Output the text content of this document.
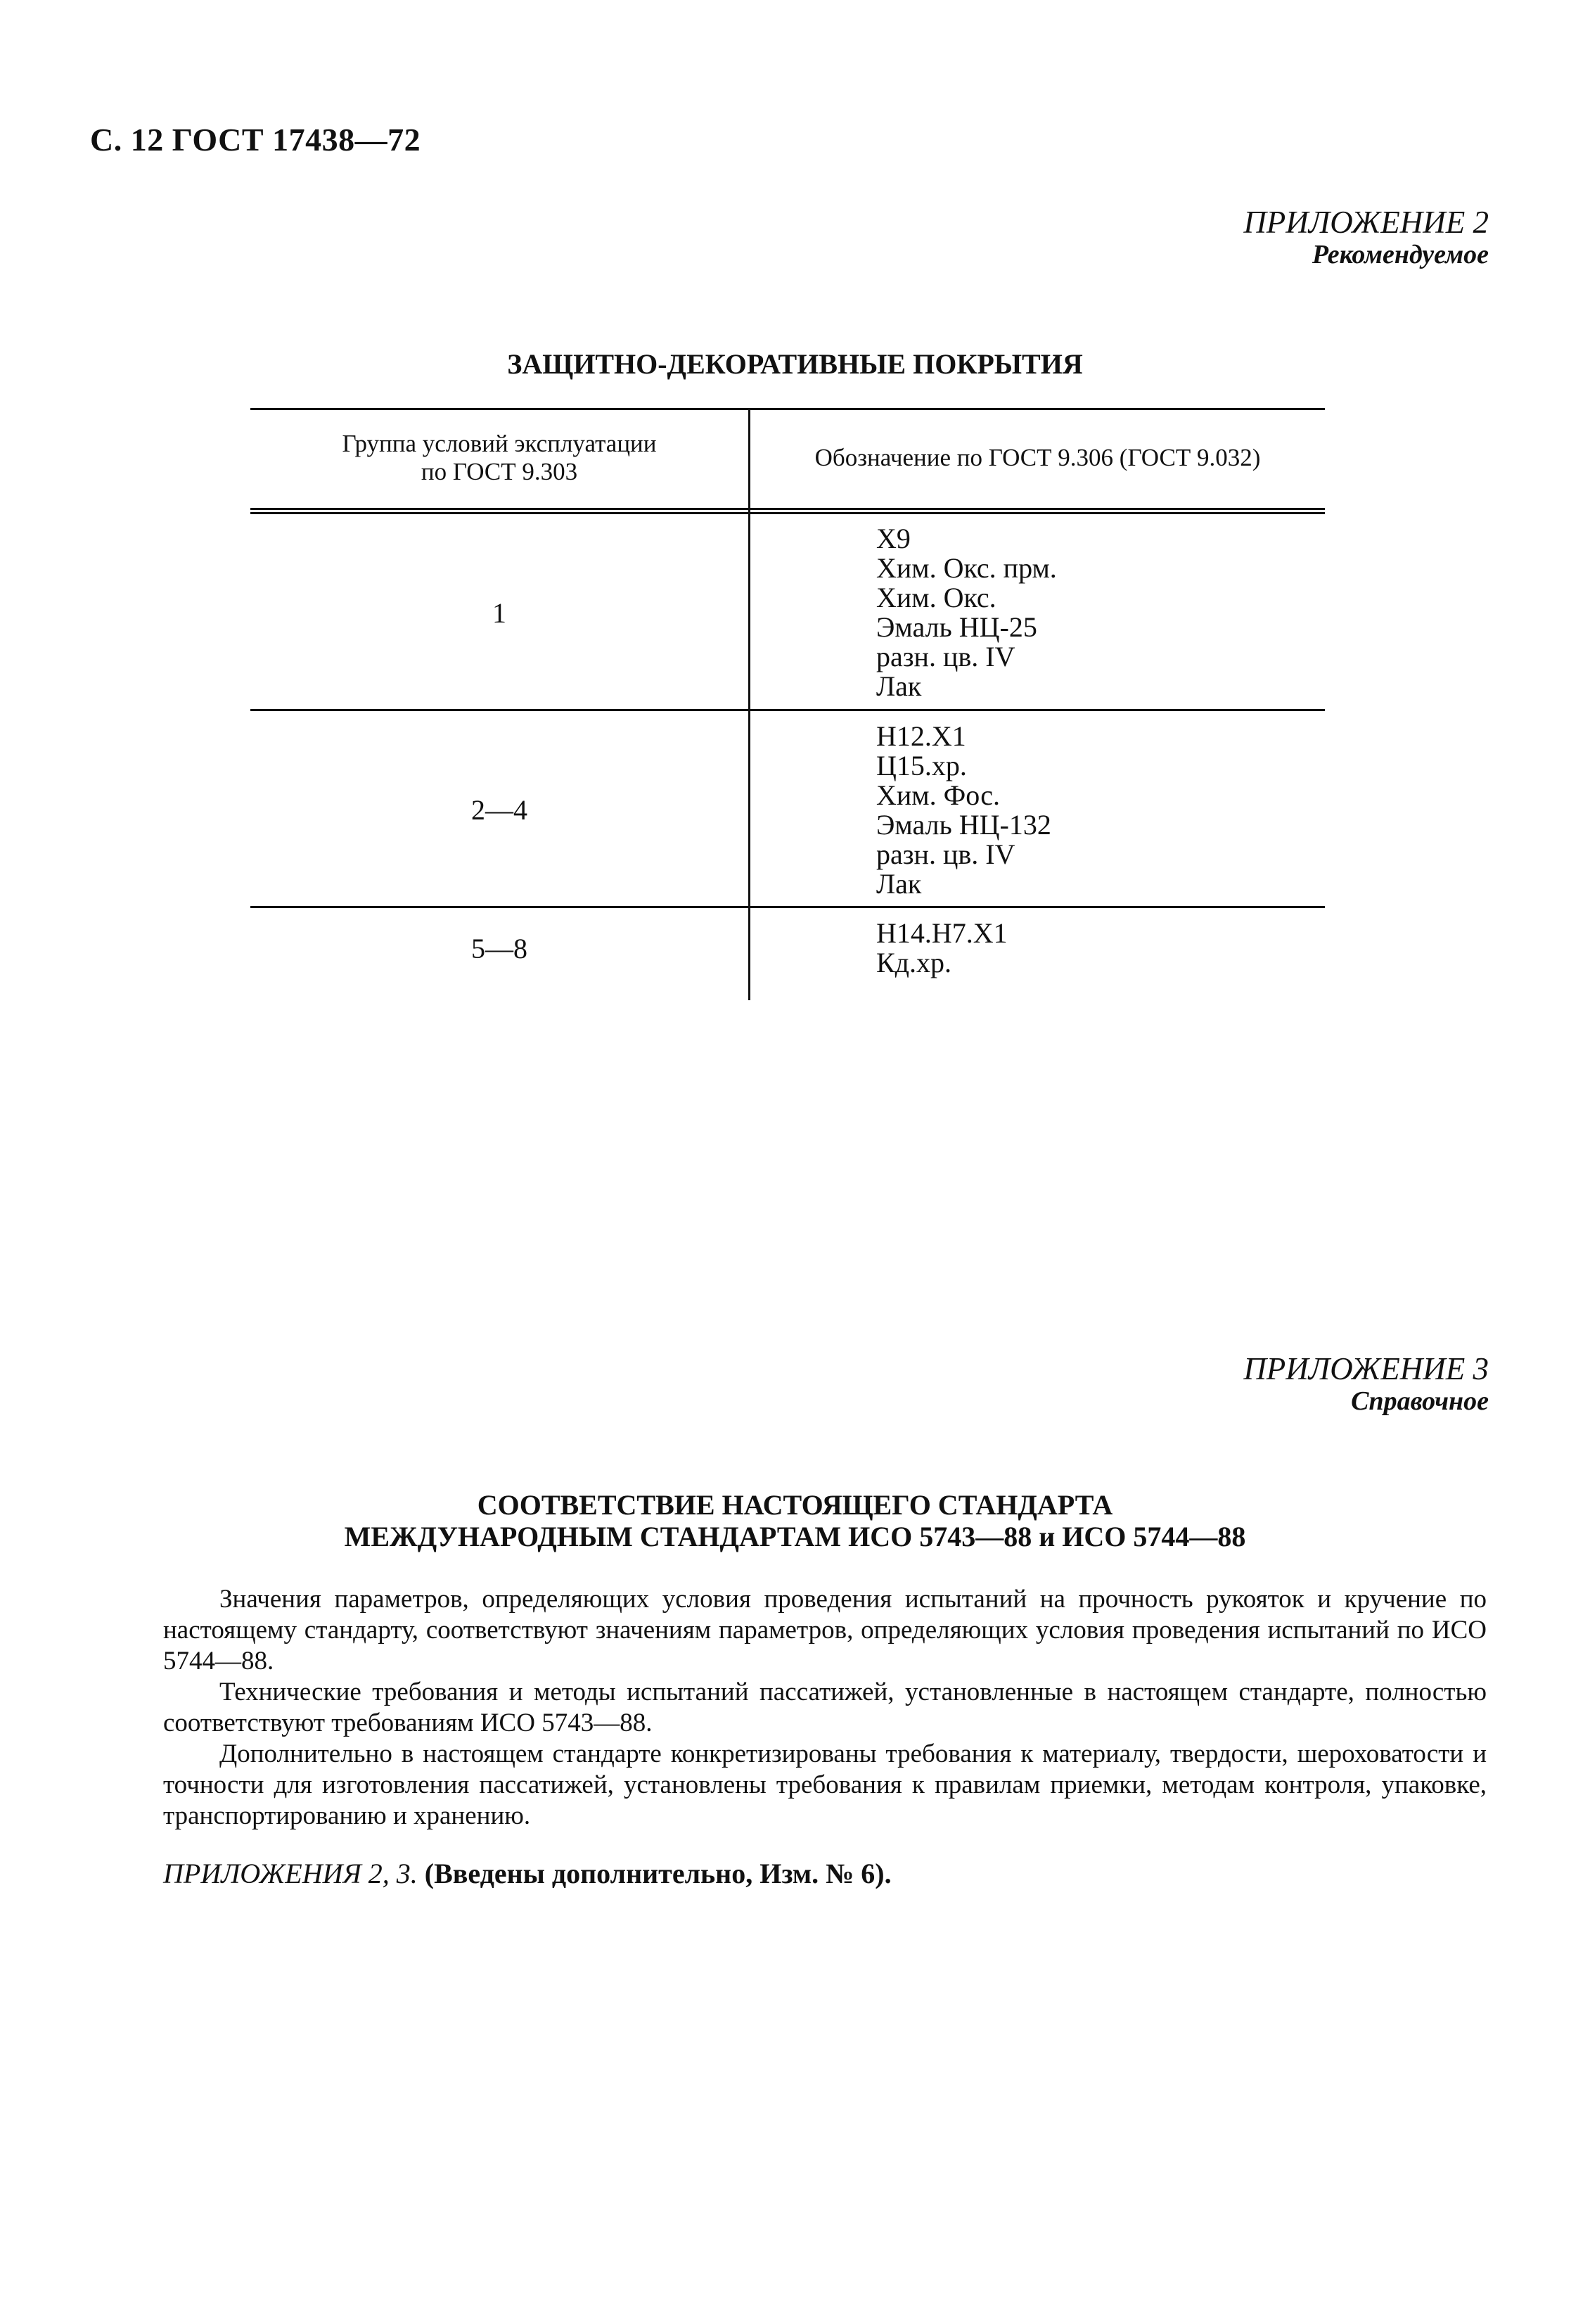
С. 12 ГОСТ 17438—72
ПРИЛОЖЕНИЕ 2
Рекомендуемое
ЗАЩИТНО-ДЕКОРАТИВНЫЕ ПОКРЫТИЯ
Группа условий эксплуатации
по ГОСТ 9.303
Обозначение по ГОСТ 9.306 (ГОСТ 9.032)
1
Х9
Хим. Окс. прм.
Хим. Окс.
Эмаль НЦ-25
разн. цв. IV
Лак
2—4
Н12.Х1
Ц15.хр.
Хим. Фос.
Эмаль НЦ-132
разн. цв. IV
Лак
5—8	Н14.Н7.Х1
Кд.хр.
ПРИЛОЖЕНИЕ 3
Справочное
СООТВЕТСТВИЕ НАСТОЯЩЕГО СТАНДАРТА
МЕЖДУНАРОДНЫМ СТАНДАРТАМ ИСО 5743—88 и ИСО 5744—88

Значения параметров, определяющих условия проведения испытаний на прочность рукояток и кручение по настоящему стандарту, соответствуют значениям параметров, определяющих условия проведения испытаний по ИСО 5744—88.

Технические требования и методы испытаний пассатижей, установленные в настоящем стандарте, полностью соответствуют требованиям ИСО 5743—88.

Дополнительно в настоящем стандарте конкретизированы требования к материалу, твердости, шероховатости и точности для изготовления пассатижей, установлены требования к правилам приемки, методам контроля, упаковке, транспортированию и хранению.

ПРИЛОЖЕНИЯ 2, 3. (Введены дополнительно, Изм. № 6).
